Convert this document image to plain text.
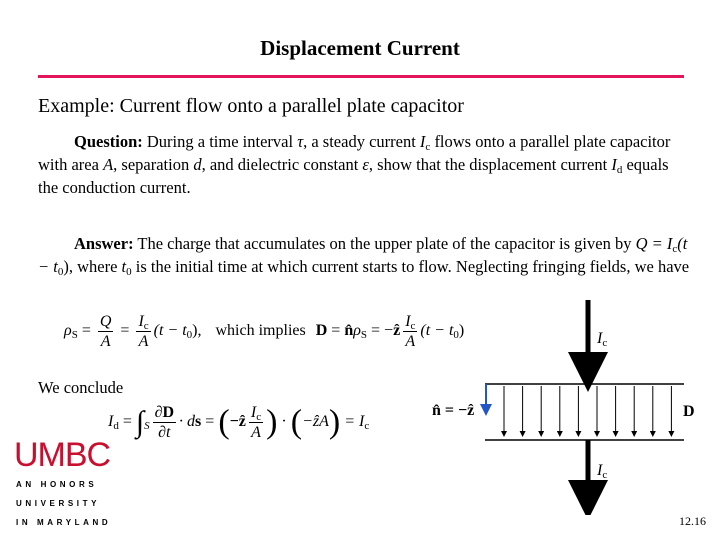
Displacement Current
Example: Current flow onto a parallel plate capacitor
Question: During a time interval τ, a steady current $I_c$ flows onto a parallel plate capacitor with area A, separation d, and dielectric constant ε, show that the displacement current $I_d$ equals the conduction current.
Answer: The charge that accumulates on the upper plate of the capacitor is given by $Q = I_c(t - t_0)$, where $t_0$ is the initial time at which current starts to flow. Neglecting fringing fields, we have
$\rho_S = \frac{Q}{A} = \frac{I_c}{A} (t - t_0)$, which implies $D = n̂\rho_S$ = −ẑ $\frac{I_c}{A} (t - t_0)$
We conclude
$I_d = \int_S \frac{\partial D}{\partial t}$ · ds = (−ẑ $\frac{I_c}{A}$ ) · (−ẑA) = $I_c$
$I_c$
$I_c$
n̂ = −ẑ	D
UMBC
AN HONORS
UNIVERSITY
IN MARYLAND	12.16
